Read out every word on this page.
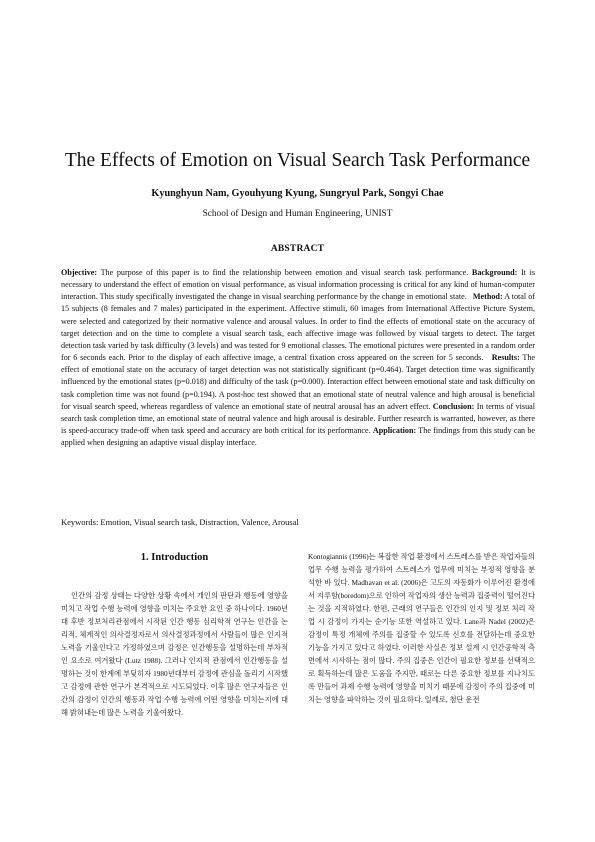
The Effects of Emotion on Visual Search Task Performance
Kyunghyun Nam, Gyouhyung Kyung, Sungryul Park, Songyi Chae
School of Design and Human Engineering, UNIST
ABSTRACT
Objective: The purpose of this paper is to find the relationship between emotion and visual search task performance. Background: It is necessary to understand the effect of emotion on visual performance, as visual information processing is critical for any kind of human-computer interaction. This study specifically investigated the change in visual searching performance by the change in emotional state. Method: A total of 15 subjects (8 females and 7 males) participated in the experiment. Affective stimuli, 60 images from International Affective Picture System, were selected and categorized by their normative valence and arousal values. In order to find the effects of emotional state on the accuracy of target detection and on the time to complete a visual search task, each affective image was followed by visual targets to detect. The target detection task varied by task difficulty (3 levels) and was tested for 9 emotional classes. The emotional pictures were presented in a random order for 6 seconds each. Prior to the display of each affective image, a central fixation cross appeared on the screen for 5 seconds. Results: The effect of emotional state on the accuracy of target detection was not statistically significant (p=0.464). Target detection time was significantly influenced by the emotional states (p=0.018) and difficulty of the task (p=0.000). Interaction effect between emotional state and task difficulty on task completion time was not found (p=0.194). A post-hoc test showed that an emotional state of neutral valence and high arousal is beneficial for visual search speed, whereas regardless of valence an emotional state of neutral arousal has an advert effect. Conclusion: In terms of visual search task completion time, an emotional state of neutral valence and high arousal is desirable. Further research is warranted, however, as there is speed-accuracy trade-off when task speed and accuracy are both critical for its performance. Application: The findings from this study can be applied when designing an adaptive visual display interface.
Keywords: Emotion, Visual search task, Distraction, Valence, Arousal
1. Introduction

인간의 감정 상태는 다양한 상황 속에서 개인의 판단과 행동에 영향을 미치고 작업 수행 능력에 영향을 미치는 주요한 요인 중 하나이다. 1960년대 후반 정보처리관점에서 시작된 인간 행동 심리학적 연구는 인간을 논리적, 체계적인 의사결정자로서 의사결정과정에서 사람들이 많은 인지적 노력을 기울인다고 가정하였으며 감정은 인간행동을 설명하는데 부차적인 요소로 여겨왔다 (Lutz 1988). 그러나 인지적 관점에서 인간행동을 설명하는 것이 한계에 부딪히자 1980년대부터 감정에 관심을 돌리기 시작했고 감정에 관한 연구가 본격적으로 시도되었다. 이후 많은 연구자들은 인간의 감정이 인간의 행동과 작업 수행 능력에 어떤 영향을 미치는지에 대해 밝혀내는데 많은 노력을 기울여왔다.

Kontogiannis (1996)는 복잡한 작업 환경에서 스트레스를 받은 작업자들의 업무 수행 능력을 평가하여 스트레스가 업무에 미치는 부정적 영향을 분석한 바 있다. Madhavan et al. (2006)은 고도의 자동화가 이루어진 환경에서 지루함(boredom)으로 인하여 작업자의 생산 능력과 집중력이 떨어진다는 것을 지적하였다. 한편, 근래의 연구들은 인간의 인지 및 정보 처리 작업 시 감정이 가지는 순기능 또한 역설하고 있다. Lane과 Nadel (2002)은 감정이 특정 개체에 주의를 집중할 수 있도록 신호를 전달하는데 중요한 기능을 가지고 있다고 하였다. 이러한 사실은 정보 설계 시 인간공학적 측면에서 시사하는 점이 많다. 주의 집중은 인간이 필요한 정보를 선택적으로 획득하는데 많은 도움을 주지만, 때로는 다른 중요한 정보를 지나치도록 만들어 과제 수행 능력에 영향을 미치기 때문에 감정이 주의 집중에 미치는 영향을 파악하는 것이 필요하다. 일례로, 첨단 운전
